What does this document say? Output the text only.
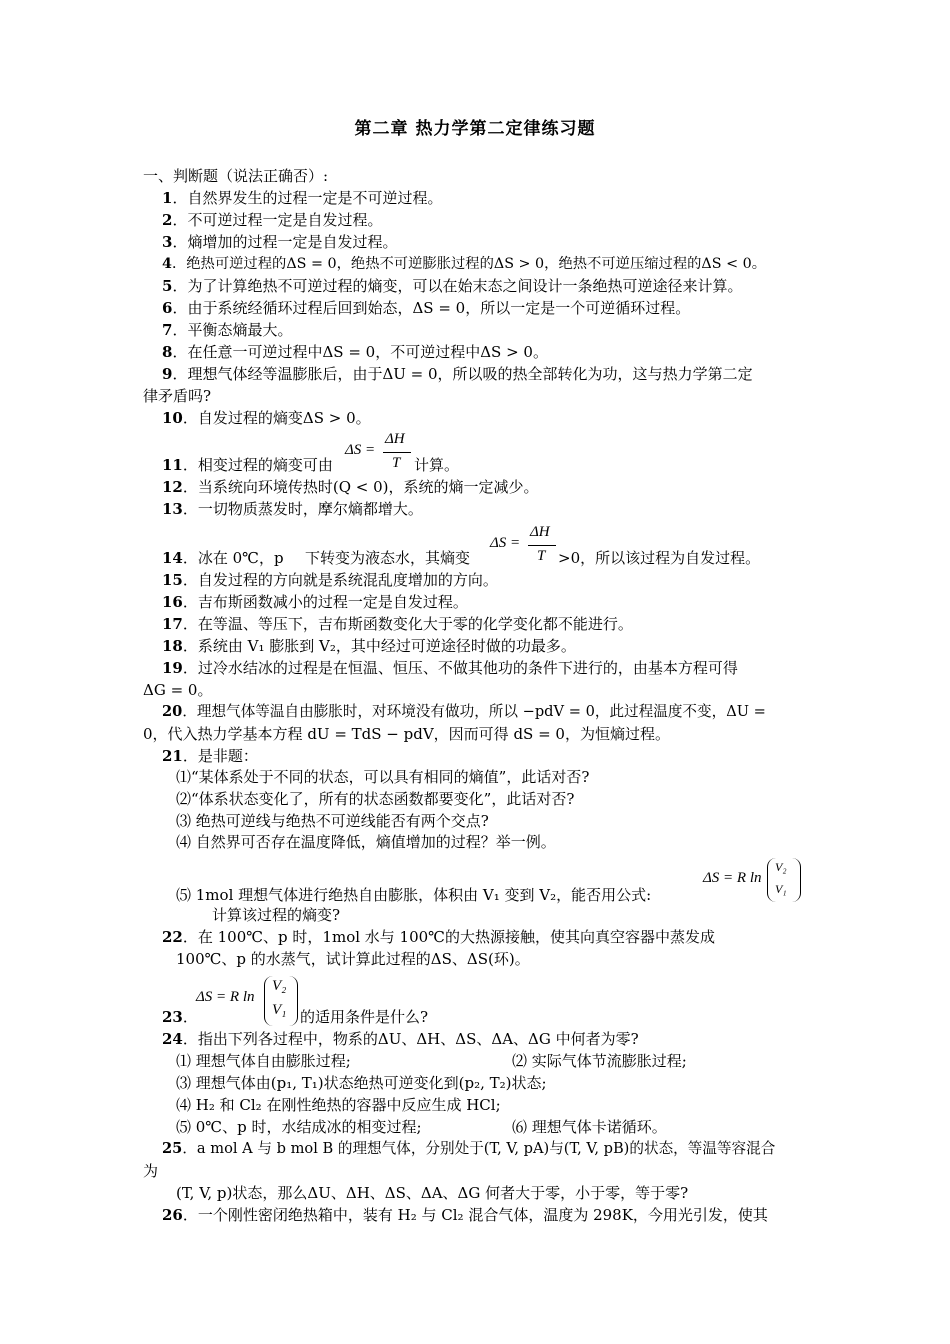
第二章 热力学第二定律练习题
一、判断题（说法正确否）:
1．自然界发生的过程一定是不可逆过程。
2．不可逆过程一定是自发过程。
3．熵增加的过程一定是自发过程。
4．绝热可逆过程的ΔS = 0，绝热不可逆膨胀过程的ΔS > 0，绝热不可逆压缩过程的ΔS < 0。
5．为了计算绝热不可逆过程的熵变，可以在始末态之间设计一条绝热可逆途径来计算。
6．由于系统经循环过程后回到始态，ΔS = 0，所以一定是一个可逆循环过程。
7．平衡态熵最大。
8．在任意一可逆过程中ΔS = 0，不可逆过程中ΔS > 0。
9．理想气体经等温膨胀后，由于ΔU = 0，所以吸的热全部转化为功，这与热力学第二定
律矛盾吗?
10．自发过程的熵变ΔS > 0。
ΔS =
ΔH
T
11．相变过程的熵变可由	计算。
12．当系统向环境传热时(Q < 0)，系统的熵一定减少。
13．一切物质蒸发时，摩尔熵都增大。
ΔS =
ΔH
T
14．冰在 0℃，p 下转变为液态水，其熵变	>0，所以该过程为自发过程。
15．自发过程的方向就是系统混乱度增加的方向。
16．吉布斯函数减小的过程一定是自发过程。
17．在等温、等压下，吉布斯函数变化大于零的化学变化都不能进行。
18．系统由 V₁ 膨胀到 V₂，其中经过可逆途径时做的功最多。
19．过冷水结冰的过程是在恒温、恒压、不做其他功的条件下进行的，由基本方程可得
ΔG = 0。
20．理想气体等温自由膨胀时，对环境没有做功，所以 −pdV = 0，此过程温度不变，ΔU =
0，代入热力学基本方程 dU = TdS − pdV，因而可得 dS = 0，为恒熵过程。
21．是非题：
⑴“某体系处于不同的状态，可以具有相同的熵值”，此话对否?
⑵“体系状态变化了，所有的状态函数都要变化”，此话对否?
⑶ 绝热可逆线与绝热不可逆线能否有两个交点?
⑷ 自然界可否存在温度降低，熵值增加的过程？举一例。
ΔS = R ln
V₂
V₁
⑸ 1mol 理想气体进行绝热自由膨胀，体积由 V₁ 变到 V₂，能否用公式:
计算该过程的熵变?
22．在 100℃、p 时，1mol 水与 100℃的大热源接触，使其向真空容器中蒸发成
100℃、p 的水蒸气，试计算此过程的ΔS、ΔS(环)。
ΔS = R ln
V₂
V₁
23．	的适用条件是什么?
24．指出下列各过程中，物系的ΔU、ΔH、ΔS、ΔA、ΔG 中何者为零?
⑴ 理想气体自由膨胀过程;	⑵ 实际气体节流膨胀过程;
⑶ 理想气体由(p₁, T₁)状态绝热可逆变化到(p₂, T₂)状态;
⑷ H₂ 和 Cl₂ 在刚性绝热的容器中反应生成 HCl;
⑸ 0℃、p 时，水结成冰的相变过程;	⑹ 理想气体卡诺循环。
25．a mol A 与 b mol B 的理想气体，分别处于(T, V, pA)与(T, V, pB)的状态，等温等容混合
为
(T, V, p)状态，那么ΔU、ΔH、ΔS、ΔA、ΔG 何者大于零，小于零，等于零?
26．一个刚性密闭绝热箱中，装有 H₂ 与 Cl₂ 混合气体，温度为 298K，今用光引发，使其
